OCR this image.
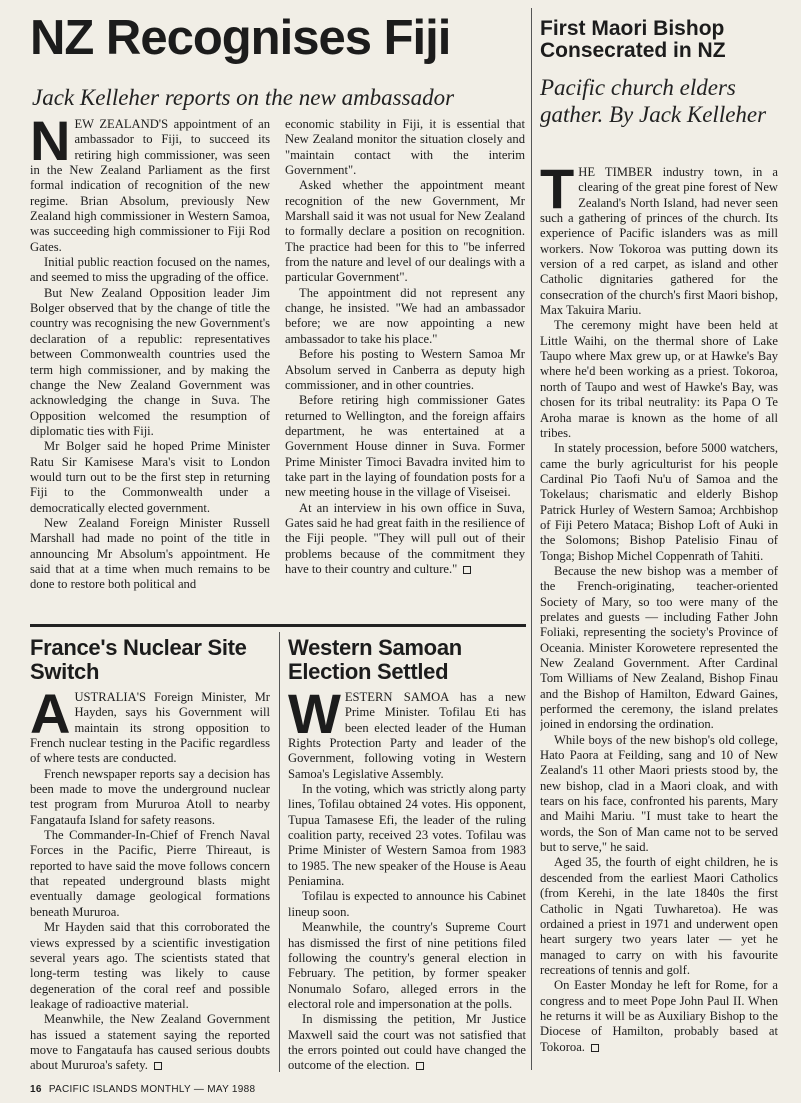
NZ Recognises Fiji
Jack Kelleher reports on the new ambassador
N EW ZEALAND'S appointment of an ambassador to Fiji, to succeed its retiring high commissioner, was seen in the New Zealand Parliament as the first formal indication of recognition of the new regime. Brian Absolum, previously New Zealand high commissioner in Western Samoa, was succeeding high commissioner to Fiji Rod Gates.

Initial public reaction focused on the names, and seemed to miss the upgrading of the office.

But New Zealand Opposition leader Jim Bolger observed that by the change of title the country was recognising the new Government's declaration of a republic: representatives between Commonwealth countries used the term high commissioner, and by making the change the New Zealand Government was acknowledging the change in Suva. The Opposition welcomed the resumption of diplomatic ties with Fiji.

Mr Bolger said he hoped Prime Minister Ratu Sir Kamisese Mara's visit to London would turn out to be the first step in returning Fiji to the Commonwealth under a democratically elected government.

New Zealand Foreign Minister Russell Marshall had made no point of the title in announcing Mr Absolum's appointment. He said that at a time when much remains to be done to restore both political and

economic stability in Fiji, it is essential that New Zealand monitor the situation closely and "maintain contact with the interim Government".

Asked whether the appointment meant recognition of the new Government, Mr Marshall said it was not usual for New Zealand to formally declare a position on recognition. The practice had been for this to "be inferred from the nature and level of our dealings with a particular Government".

The appointment did not represent any change, he insisted. "We had an ambassador before; we are now appointing a new ambassador to take his place."

Before his posting to Western Samoa Mr Absolum served in Canberra as deputy high commissioner, and in other countries.

Before retiring high commissioner Gates returned to Wellington, and the foreign affairs department, he was entertained at a Government House dinner in Suva. Former Prime Minister Timoci Bavadra invited him to take part in the laying of foundation posts for a new meeting house in the village of Viseisei.

At an interview in his own office in Suva, Gates said he had great faith in the resilience of the Fiji people. "They will pull out of their problems because of the commitment they have to their country and culture."

France's Nuclear Site Switch
A USTRALIA'S Foreign Minister, Mr Hayden, says his Government will maintain its strong opposition to French nuclear testing in the Pacific regardless of where tests are conducted.

French newspaper reports say a decision has been made to move the underground nuclear test program from Mururoa Atoll to nearby Fangataufa Island for safety reasons.

The Commander-In-Chief of French Naval Forces in the Pacific, Pierre Thireaut, is reported to have said the move follows concern that repeated underground blasts might eventually damage geological formations beneath Mururoa.

Mr Hayden said that this corroborated the views expressed by a scientific investigation several years ago. The scientists stated that long-term testing was likely to cause degeneration of the coral reef and possible leakage of radioactive material.

Meanwhile, the New Zealand Government has issued a statement saying the reported move to Fangataufa has caused serious doubts about Mururoa's safety.

Western Samoan Election Settled
W ESTERN SAMOA has a new Prime Minister. Tofilau Eti has been elected leader of the Human Rights Protection Party and leader of the Government, following voting in Western Samoa's Legislative Assembly.

In the voting, which was strictly along party lines, Tofilau obtained 24 votes. His opponent, Tupua Tamasese Efi, the leader of the ruling coalition party, received 23 votes. Tofilau was Prime Minister of Western Samoa from 1983 to 1985. The new speaker of the House is Aeau Peniamina.

Tofilau is expected to announce his Cabinet lineup soon.

Meanwhile, the country's Supreme Court has dismissed the first of nine petitions filed following the country's general election in February. The petition, by former speaker Nonumalo Sofaro, alleged errors in the electoral role and impersonation at the polls.

In dismissing the petition, Mr Justice Maxwell said the court was not satisfied that the errors pointed out could have changed the outcome of the election.

First Maori Bishop Consecrated in NZ
Pacific church elders gather. By Jack Kelleher
T HE TIMBER industry town, in a clearing of the great pine forest of New Zealand's North Island, had never seen such a gathering of princes of the church. Its experience of Pacific islanders was as mill workers. Now Tokoroa was putting down its version of a red carpet, as island and other Catholic dignitaries gathered for the consecration of the church's first Maori bishop, Max Takuira Mariu.

The ceremony might have been held at Little Waihi, on the thermal shore of Lake Taupo where Max grew up, or at Hawke's Bay where he'd been working as a priest. Tokoroa, north of Taupo and west of Hawke's Bay, was chosen for its tribal neutrality: its Papa O Te Aroha marae is known as the home of all tribes.

In stately procession, before 5000 watchers, came the burly agriculturist for his people Cardinal Pio Taofi Nu'u of Samoa and the Tokelaus; charismatic and elderly Bishop Patrick Hurley of Western Samoa; Archbishop of Fiji Petero Mataca; Bishop Loft of Auki in the Solomons; Bishop Patelisio Finau of Tonga; Bishop Michel Coppenrath of Tahiti.

Because the new bishop was a member of the French-originating, teacher-oriented Society of Mary, so too were many of the prelates and guests — including Father John Foliaki, representing the society's Province of Oceania. Minister Korowetere represented the New Zealand Government. After Cardinal Tom Williams of New Zealand, Bishop Finau and the Bishop of Hamilton, Edward Gaines, performed the ceremony, the island prelates joined in endorsing the ordination.

While boys of the new bishop's old college, Hato Paora at Feilding, sang and 10 of New Zealand's 11 other Maori priests stood by, the new bishop, clad in a Maori cloak, and with tears on his face, confronted his parents, Mary and Maihi Mariu. "I must take to heart the words, the Son of Man came not to be served but to serve," he said.

Aged 35, the fourth of eight children, he is descended from the earliest Maori Catholics (from Kerehi, in the late 1840s the first Catholic in Ngati Tuwharetoa). He was ordained a priest in 1971 and underwent open heart surgery two years later — yet he managed to carry on with his favourite recreations of tennis and golf.

On Easter Monday he left for Rome, for a congress and to meet Pope John Paul II. When he returns it will be as Auxiliary Bishop to the Diocese of Hamilton, probably based at Tokoroa.

16 PACIFIC ISLANDS MONTHLY — MAY 1988
